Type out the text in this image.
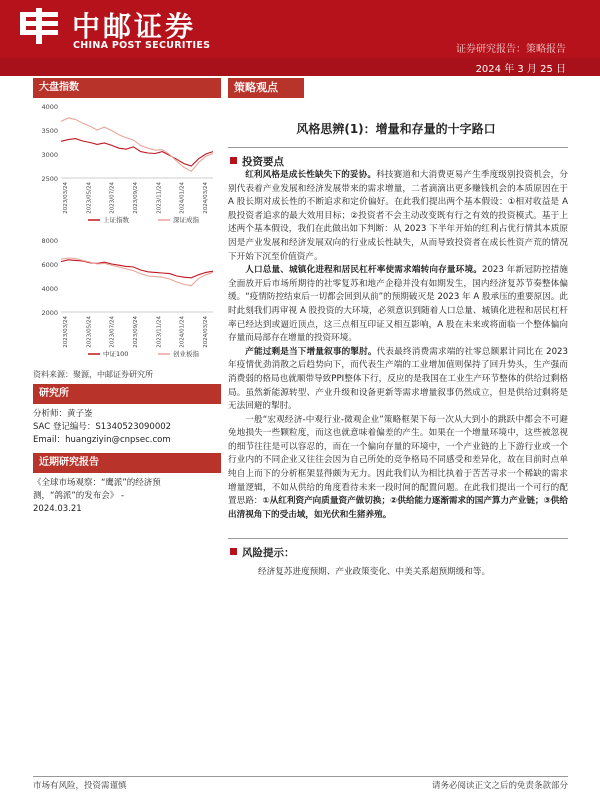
中邮证券
CHINA POST SECURITIES	证券研究报告：策略报告
2024 年 3 月 25 日
大盘指数
4000
3500
3000
2500
2023/03/24	2023/05/24	2023/07/24	2023/09/24	2023/11/24	2024/01/24	2024/03/24
上证指数	深证成指

8000
6000
4000
2000
2023/03/24	2023/05/24	2023/07/24	2023/09/24	2023/11/24	2024/01/24	2024/03/24
中证100	创业板指
资料来源：聚源，中邮证券研究所
研究所
分析师：黄子崟
SAC 登记编号：S1340523090002
Email：huangziyin@cnpsec.com
近期研究报告
《全球市场观察：“鹰派”的经济预
测，“鸽派”的发布会》 -
2024.03.21
策略观点
风格思辨(1)：增量和存量的十字路口
投资要点

红利风格是成长性缺失下的妥协。科技赛道和大消费更易产生季度级别投资机会，分别代表着产业发展和经济发展带来的需求增量，二者滴滴出更多赚钱机会的本质原因在于 A 股长期对成长性的不断追求和定价偏好。在此我们提出两个基本假设：①相对收益是 A 股投资者追求的最大效用目标；②投资者不会主动改变既有行之有效的投资模式。基于上述两个基本假设，我们在此做出如下判断：从 2023 下半年开始的红利占优行情其本质原因是产业发展和经济发展双向的行业成长性缺失，从而导致投资者在成长性资产荒的情况下开始下沉至价值资产。

人口总量、城镇化进程和居民杠杆率使需求端转向存量环境。2023 年新冠防控措施全面放开后市场所期待的社零复苏和地产企稳并没有如期发生，国内经济复苏节奏整体偏缓。“疫情防控结束后一切都会回到从前”的预期破灭是 2023 年 A 股承压的重要原因。此时此刻我们再审视 A 股投资的大环境，必须意识到随着人口总量、城镇化进程和居民杠杆率已经达到或逼近顶点，这三点相互印证又相互影响，A 股在未来或将面临一个整体偏向存量而局部存在增量的投资环境。

产能过剩是当下增量叙事的掣肘。代表最终消费需求端的社零总额累计同比在 2023 年疫情优劲消散之后趋势向下，而代表生产端的工业增加值则保持了回升势头，生产强而消费弱的格局也就顺带导致PPI整体下行，反应的是我国在工业生产环节整体的供给过剩格局。虽然新能源转型、产业升级和设备更新等需求增量叙事仍然成立，但是供给过剩将是无法回避的掣肘。

一般“宏观经济-中观行业-微观企业”策略框架下每一次从大到小的跳跃中都会不可避免地损失一些颗粒度，而这也就意味着偏差的产生。如果在一个增量环境中，这些被忽视的细节往往是可以容忍的，而在一个偏向存量的环境中，一个产业链的上下游行业或一个行业内的不同企业又往往会因为自己所处的竞争格局不同感受和差异化，故在目前时点单纯自上而下的分析框架显得颇为无力。因此我们认为相比执着于苦苦寻求一个稀缺的需求增量逻辑，不如从供给的角度看待未来一段时间的配置问题。在此我们提出一个可行的配置思路：①从红利资产向质量资产做切换；②供给能力逐渐需求的国产算力产业链；③供给出清视角下的受击域，如光伏和生猪养殖。

风险提示：
经济复苏进度预期、产业政策变化、中美关系超预期缓和等。
市场有风险，投资需谨慎	请务必阅读正文之后的免责条款部分
